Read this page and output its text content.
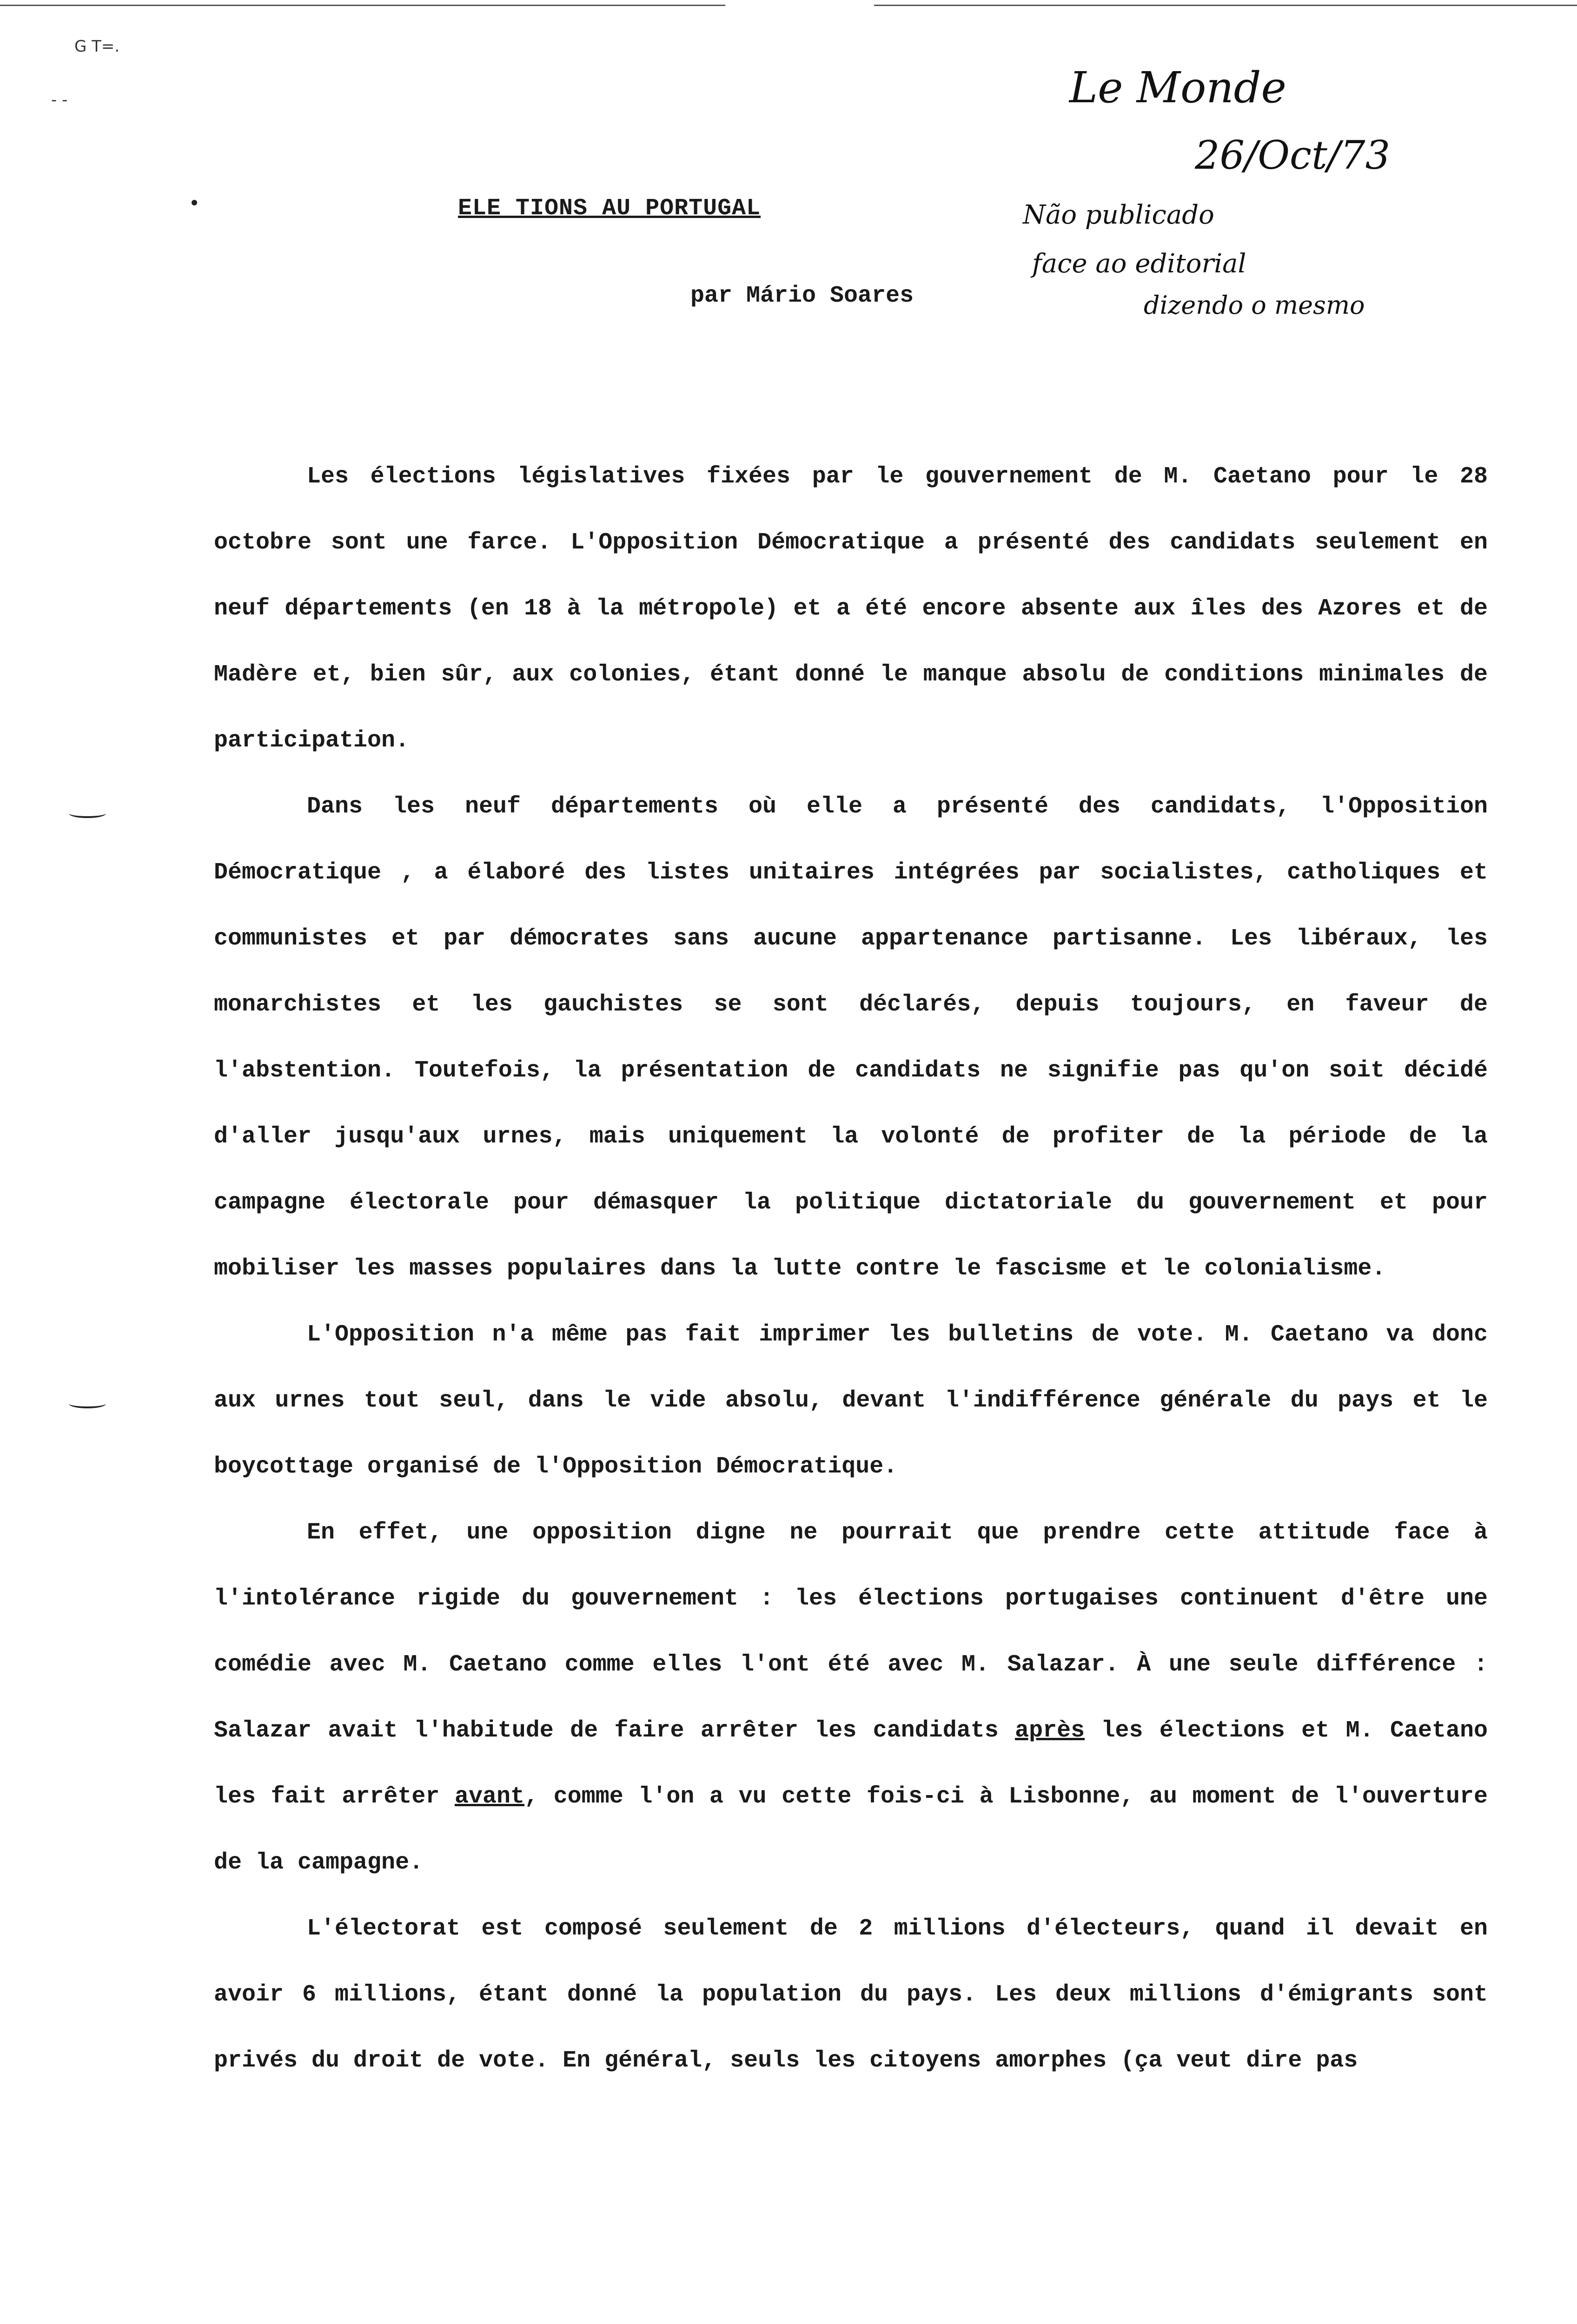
G T=.
- -	Le Monde
26/Oct/73
Não publicado
face ao editorial
dizendo o mesmo
ELE TIONS AU PORTUGAL
par Mário Soares

Les élections législatives fixées par le gouvernement de M. Caetano pour le 28 octobre sont une farce. L'Opposition Démocratique a présenté des candidats seulement en neuf départements (en 18 à la métropole) et a été encore absente aux îles des Azores et de Madère et, bien sûr, aux colonies, étant donné le manque absolu de conditions minimales de participation.

Dans les neuf départements où elle a présenté des candidats, l'Opposition Démocratique , a élaboré des listes unitaires intégrées par socialistes, catholiques et communistes et par démocrates sans aucune appartenance partisanne. Les libéraux, les monarchistes et les gauchistes se sont déclarés, depuis toujours, en faveur de l'abstention. Toutefois, la présentation de candidats ne signifie pas qu'on soit décidé d'aller jusqu'aux urnes, mais uniquement la volonté de profiter de la période de la campagne électorale pour démasquer la politique dictatoriale du gouvernement et pour mobiliser les masses populaires dans la lutte contre le fascisme et le colonialisme.

L'Opposition n'a même pas fait imprimer les bulletins de vote. M. Caetano va donc aux urnes tout seul, dans le vide absolu, devant l'indifférence générale du pays et le boycottage organisé de l'Opposition Démocratique.

En effet, une opposition digne ne pourrait que prendre cette attitude face à l'intolérance rigide du gouvernement : les élections portugaises continuent d'être une comédie avec M. Caetano comme elles l'ont été avec M. Salazar. À une seule différence : Salazar avait l'habitude de faire arrêter les candidats après les élections et M. Caetano les fait arrêter avant, comme l'on a vu cette fois-ci à Lisbonne, au moment de l'ouverture de la campagne.

L'électorat est composé seulement de 2 millions d'électeurs, quand il devait en avoir 6 millions, étant donné la population du pays. Les deux millions d'émigrants sont privés du droit de vote. En général, seuls les citoyens amorphes (ça veut dire pas
